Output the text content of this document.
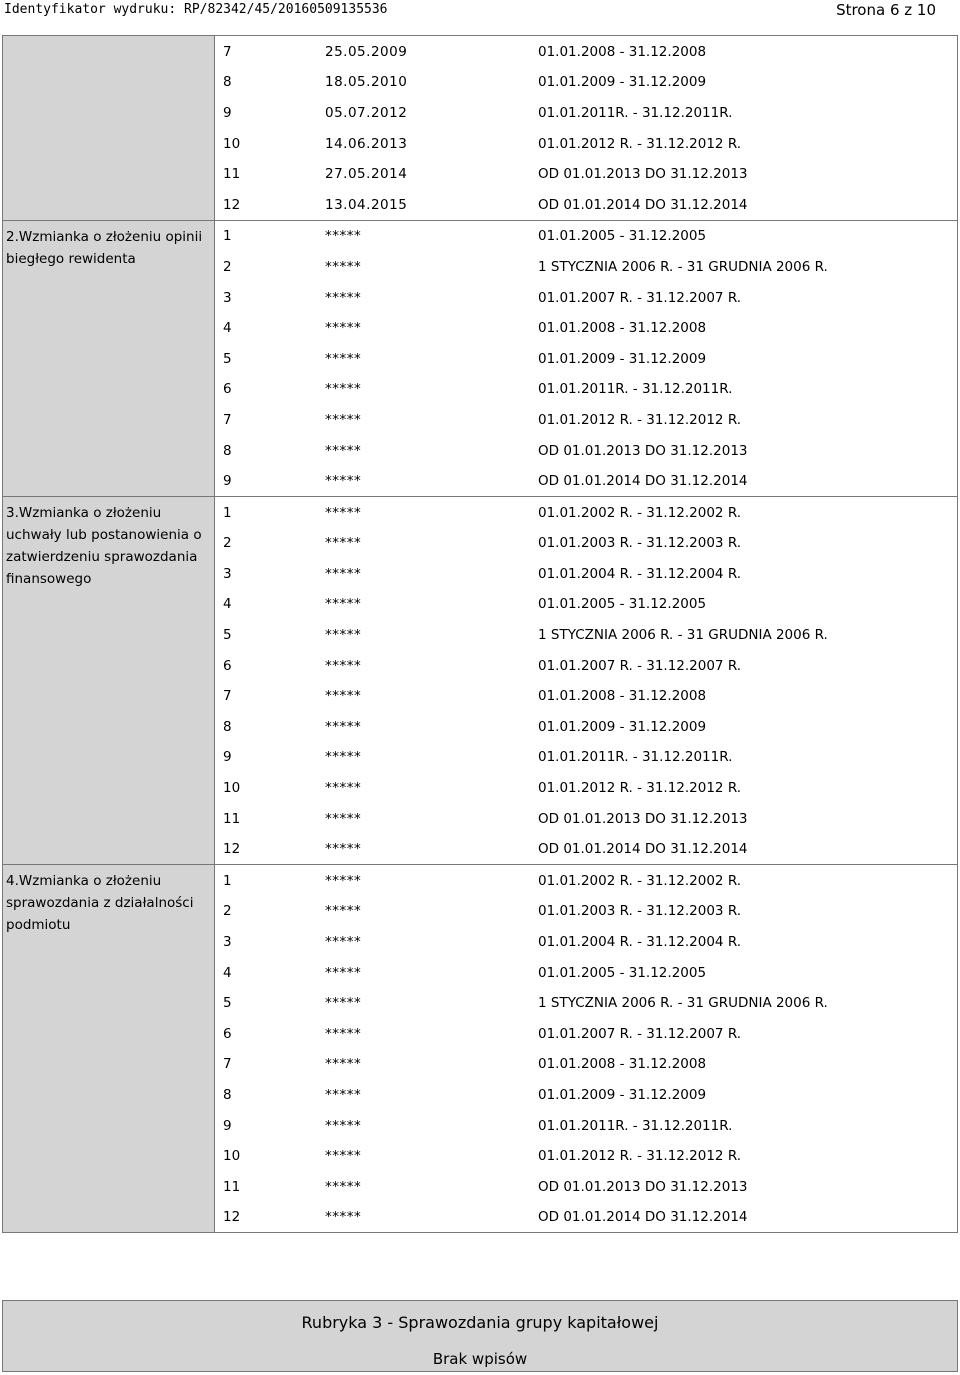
Identyfikator wydruku: RP/82342/45/20160509135536	Strona 6 z 10
7	25.05.2009	01.01.2008 - 31.12.2008
8	18.05.2010	01.01.2009 - 31.12.2009
9	05.07.2012	01.01.2011R. - 31.12.2011R.
10	14.06.2013	01.01.2012 R. - 31.12.2012 R.
11	27.05.2014	OD 01.01.2013 DO 31.12.2013
12	13.04.2015	OD 01.01.2014 DO 31.12.2014
2.Wzmianka o złożeniu opinii biegłego rewidenta
1	*****	01.01.2005 - 31.12.2005
2	*****	1 STYCZNIA 2006 R. - 31 GRUDNIA 2006 R.
3	*****	01.01.2007 R. - 31.12.2007 R.
4	*****	01.01.2008 - 31.12.2008
5	*****	01.01.2009 - 31.12.2009
6	*****	01.01.2011R. - 31.12.2011R.
7	*****	01.01.2012 R. - 31.12.2012 R.
8	*****	OD 01.01.2013 DO 31.12.2013
9	*****	OD 01.01.2014 DO 31.12.2014
3.Wzmianka o złożeniu uchwały lub postanowienia o zatwierdzeniu sprawozdania finansowego
1	*****	01.01.2002 R. - 31.12.2002 R.
2	*****	01.01.2003 R. - 31.12.2003 R.
3	*****	01.01.2004 R. - 31.12.2004 R.
4	*****	01.01.2005 - 31.12.2005
5	*****	1 STYCZNIA 2006 R. - 31 GRUDNIA 2006 R.
6	*****	01.01.2007 R. - 31.12.2007 R.
7	*****	01.01.2008 - 31.12.2008
8	*****	01.01.2009 - 31.12.2009
9	*****	01.01.2011R. - 31.12.2011R.
10	*****	01.01.2012 R. - 31.12.2012 R.
11	*****	OD 01.01.2013 DO 31.12.2013
12	*****	OD 01.01.2014 DO 31.12.2014
4.Wzmianka o złożeniu sprawozdania z działalności podmiotu
1	*****	01.01.2002 R. - 31.12.2002 R.
2	*****	01.01.2003 R. - 31.12.2003 R.
3	*****	01.01.2004 R. - 31.12.2004 R.
4	*****	01.01.2005 - 31.12.2005
5	*****	1 STYCZNIA 2006 R. - 31 GRUDNIA 2006 R.
6	*****	01.01.2007 R. - 31.12.2007 R.
7	*****	01.01.2008 - 31.12.2008
8	*****	01.01.2009 - 31.12.2009
9	*****	01.01.2011R. - 31.12.2011R.
10	*****	01.01.2012 R. - 31.12.2012 R.
11	*****	OD 01.01.2013 DO 31.12.2013
12	*****	OD 01.01.2014 DO 31.12.2014
Rubryka 3 - Sprawozdania grupy kapitałowej
Brak wpisów
